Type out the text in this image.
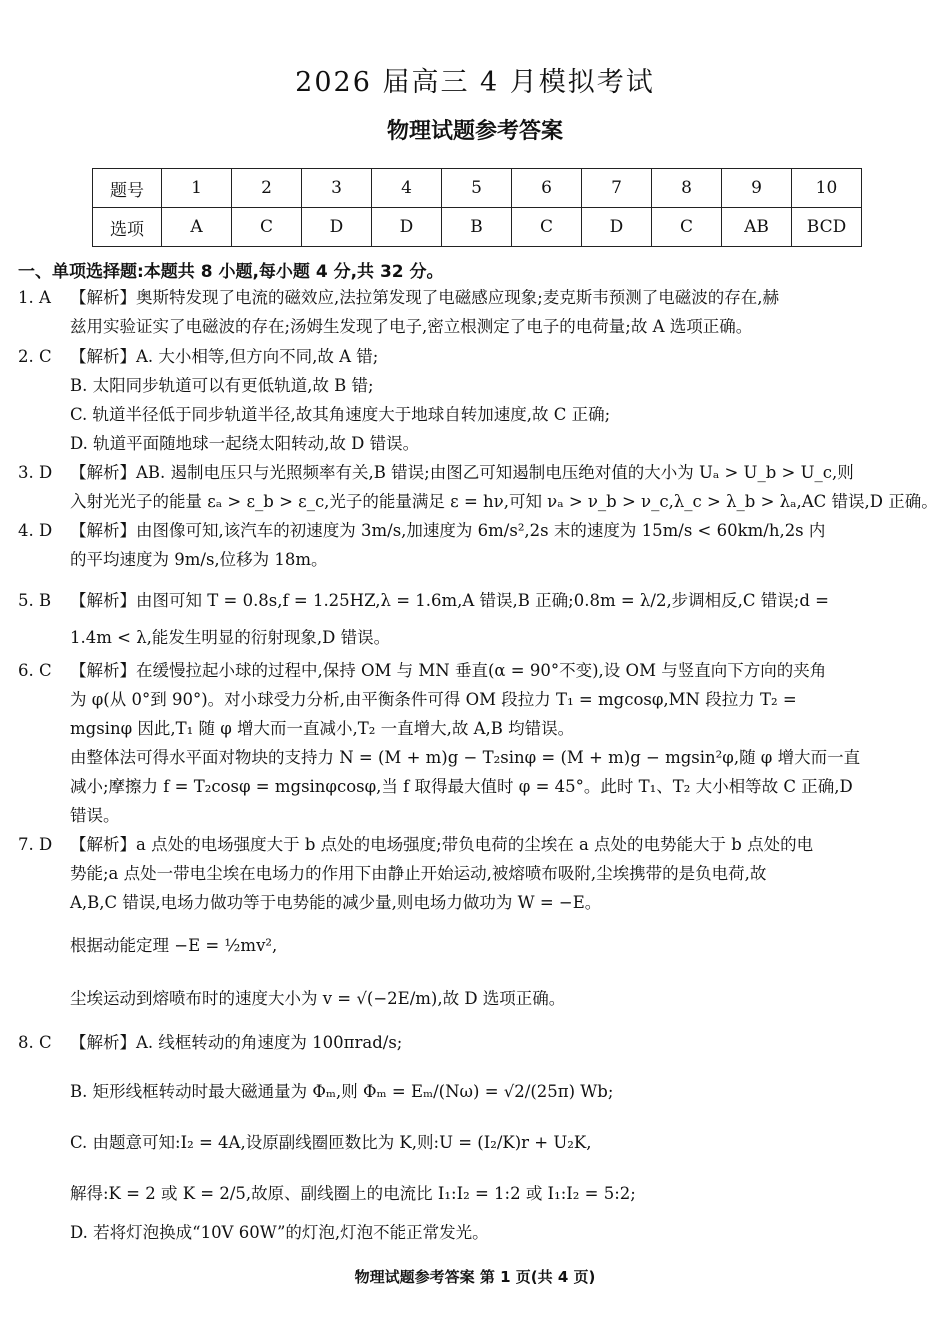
2026 届高三 4 月模拟考试
物理试题参考答案
题号	1	2	3	4	5	6	7	8	9	10
选项	A	C	D	D	B	C	D	C	AB	BCD
一、单项选择题:本题共 8 小题,每小题 4 分,共 32 分。
1. A	【解析】奥斯特发现了电流的磁效应,法拉第发现了电磁感应现象;麦克斯韦预测了电磁波的存在,赫
兹用实验证实了电磁波的存在;汤姆生发现了电子,密立根测定了电子的电荷量;故 A 选项正确。
2. C	【解析】A. 大小相等,但方向不同,故 A 错;
B. 太阳同步轨道可以有更低轨道,故 B 错;
C. 轨道半径低于同步轨道半径,故其角速度大于地球自转加速度,故 C 正确;
D. 轨道平面随地球一起绕太阳转动,故 D 错误。
3. D	【解析】AB. 遏制电压只与光照频率有关,B 错误;由图乙可知遏制电压绝对值的大小为 Uₐ > U_b > U_c,则
入射光光子的能量 εₐ > ε_b > ε_c,光子的能量满足 ε = hν,可知 νₐ > ν_b > ν_c,λ_c > λ_b > λₐ,AC 错误,D 正确。
4. D	【解析】由图像可知,该汽车的初速度为 3m/s,加速度为 6m/s²,2s 末的速度为 15m/s < 60km/h,2s 内
的平均速度为 9m/s,位移为 18m。
5. B	【解析】由图可知 T = 0.8s,f = 1.25HZ,λ = 1.6m,A 错误,B 正确;0.8m = λ/2,步调相反,C 错误;d =
1.4m < λ,能发生明显的衍射现象,D 错误。
6. C	【解析】在缓慢拉起小球的过程中,保持 OM 与 MN 垂直(α = 90°不变),设 OM 与竖直向下方向的夹角
为 φ(从 0°到 90°)。对小球受力分析,由平衡条件可得 OM 段拉力 T₁ = mgcosφ,MN 段拉力 T₂ =
mgsinφ 因此,T₁ 随 φ 增大而一直减小,T₂ 一直增大,故 A,B 均错误。
由整体法可得水平面对物块的支持力 N = (M + m)g − T₂sinφ = (M + m)g − mgsin²φ,随 φ 增大而一直
减小;摩擦力 f = T₂cosφ = mgsinφcosφ,当 f 取得最大值时 φ = 45°。此时 T₁、T₂ 大小相等故 C 正确,D
错误。
7. D	【解析】a 点处的电场强度大于 b 点处的电场强度;带负电荷的尘埃在 a 点处的电势能大于 b 点处的电
势能;a 点处一带电尘埃在电场力的作用下由静止开始运动,被熔喷布吸附,尘埃携带的是负电荷,故
A,B,C 错误,电场力做功等于电势能的减少量,则电场力做功为 W = −E。
根据动能定理 −E = ½mv²,
尘埃运动到熔喷布时的速度大小为 v = √(−2E/m),故 D 选项正确。
8. C	【解析】A. 线框转动的角速度为 100πrad/s;
B. 矩形线框转动时最大磁通量为 Φₘ,则 Φₘ = Eₘ/(Nω) = √2/(25π) Wb;
C. 由题意可知:I₂ = 4A,设原副线圈匝数比为 K,则:U = (I₂/K)r + U₂K,
解得:K = 2 或 K = 2/5,故原、副线圈上的电流比 I₁:I₂ = 1:2 或 I₁:I₂ = 5:2;
D. 若将灯泡换成“10V 60W”的灯泡,灯泡不能正常发光。
物理试题参考答案 第 1 页(共 4 页)
